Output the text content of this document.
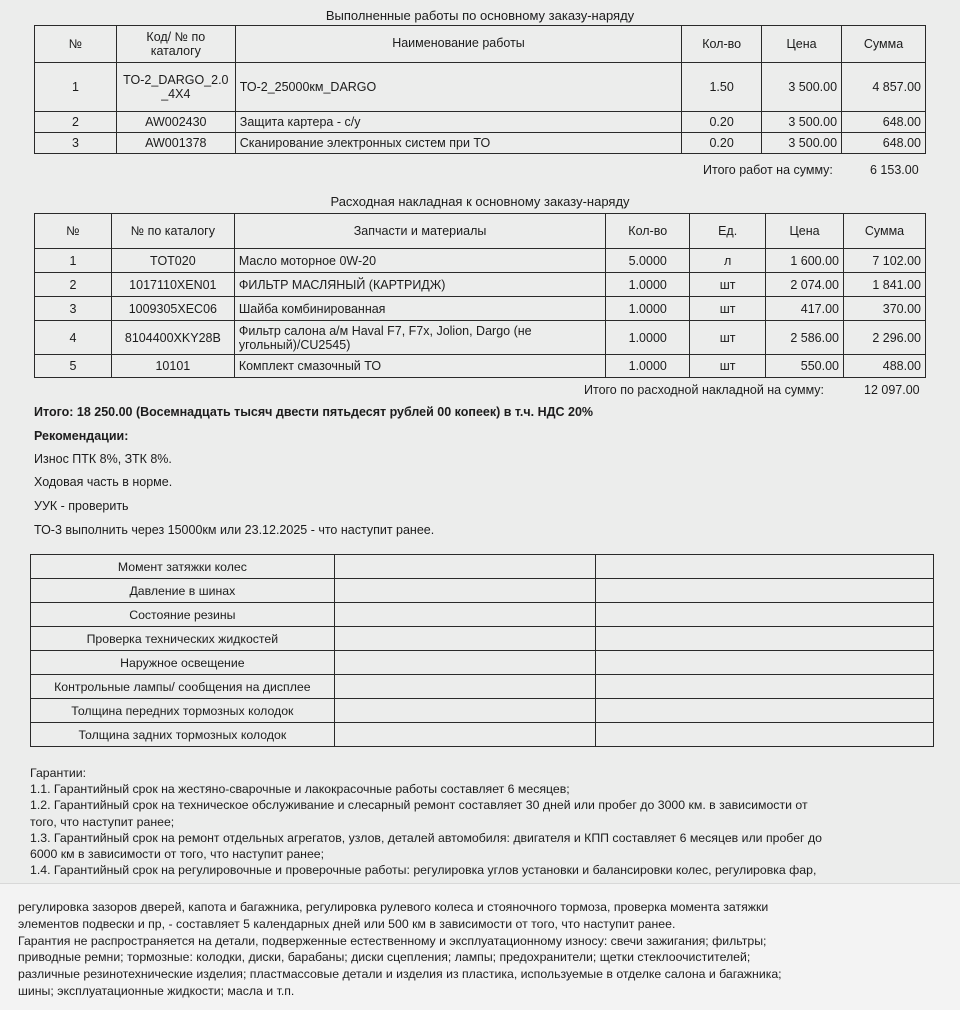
Выполненные работы по основному заказу-наряду
№	Код/ № по каталогу	Наименование работы	Кол-во	Цена	Сумма
1	TO-2_DARGO_2.0_4X4	ТО-2_25000км_DARGO	1.50	3 500.00	4 857.00
2	AW002430	Защита картера - с/у	0.20	3 500.00	648.00
3	AW001378	Сканирование электронных систем при ТО	0.20	3 500.00	648.00
Итого работ на сумму:	6 153.00
Расходная накладная к основному заказу-наряду
№	№ по каталогу	Запчасти и материалы	Кол-во	Ед.	Цена	Сумма
1	TOT020	Масло моторное 0W-20	5.0000	л	1 600.00	7 102.00
2	1017110XEN01	ФИЛЬТР МАСЛЯНЫЙ (КАРТРИДЖ)	1.0000	шт	2 074.00	1 841.00
3	1009305XEC06	Шайба комбинированная	1.0000	шт	417.00	370.00
4	8104400XKY28B	Фильтр салона а/м Haval F7, F7x, Jolion, Dargo (не угольный)/CU2545)	1.0000	шт	2 586.00	2 296.00
5	10101	Комплект смазочный ТО	1.0000	шт	550.00	488.00
Итого по расходной накладной на сумму:	12 097.00
Итого: 18 250.00 (Восемнадцать тысяч двести пятьдесят рублей 00 копеек) в т.ч. НДС 20%
Рекомендации:
Износ ПТК 8%, ЗТК 8%.
Ходовая часть в норме.
УУК - проверить
ТО-3 выполнить через 15000км или 23.12.2025 - что наступит ранее.
Момент затяжки колес		
Давление в шинах		
Состояние резины		
Проверка технических жидкостей		
Наружное освещение		
Контрольные лампы/ сообщения на дисплее		
Толщина передних тормозных колодок		
Толщина задних тормозных колодок		
Гарантии:
1.1. Гарантийный срок на жестяно-сварочные и лакокрасочные работы составляет 6 месяцев;
1.2. Гарантийный срок на техническое обслуживание и слесарный ремонт составляет 30 дней или пробег до 3000 км. в зависимости от
того, что наступит ранее;
1.3. Гарантийный срок на ремонт отдельных агрегатов, узлов, деталей автомобиля: двигателя и КПП составляет 6 месяцев или пробег до
6000 км в зависимости от того, что наступит ранее;
1.4. Гарантийный срок на регулировочные и проверочные работы: регулировка углов установки и балансировки колес, регулировка фар,
регулировка зазоров дверей, капота и багажника, регулировка рулевого колеса и стояночного тормоза, проверка момента затяжки
элементов подвески и пр, - составляет 5 календарных дней или 500 км в зависимости от того, что наступит ранее.
Гарантия не распространяется на детали, подверженные естественному и эксплуатационному износу: свечи зажигания; фильтры;
приводные ремни; тормозные: колодки, диски, барабаны; диски сцепления; лампы; предохранители; щетки стеклоочистителей;
различные резинотехнические изделия; пластмассовые детали и изделия из пластика, используемые в отделке салона и багажника;
шины; эксплуатационные жидкости; масла и т.п.
